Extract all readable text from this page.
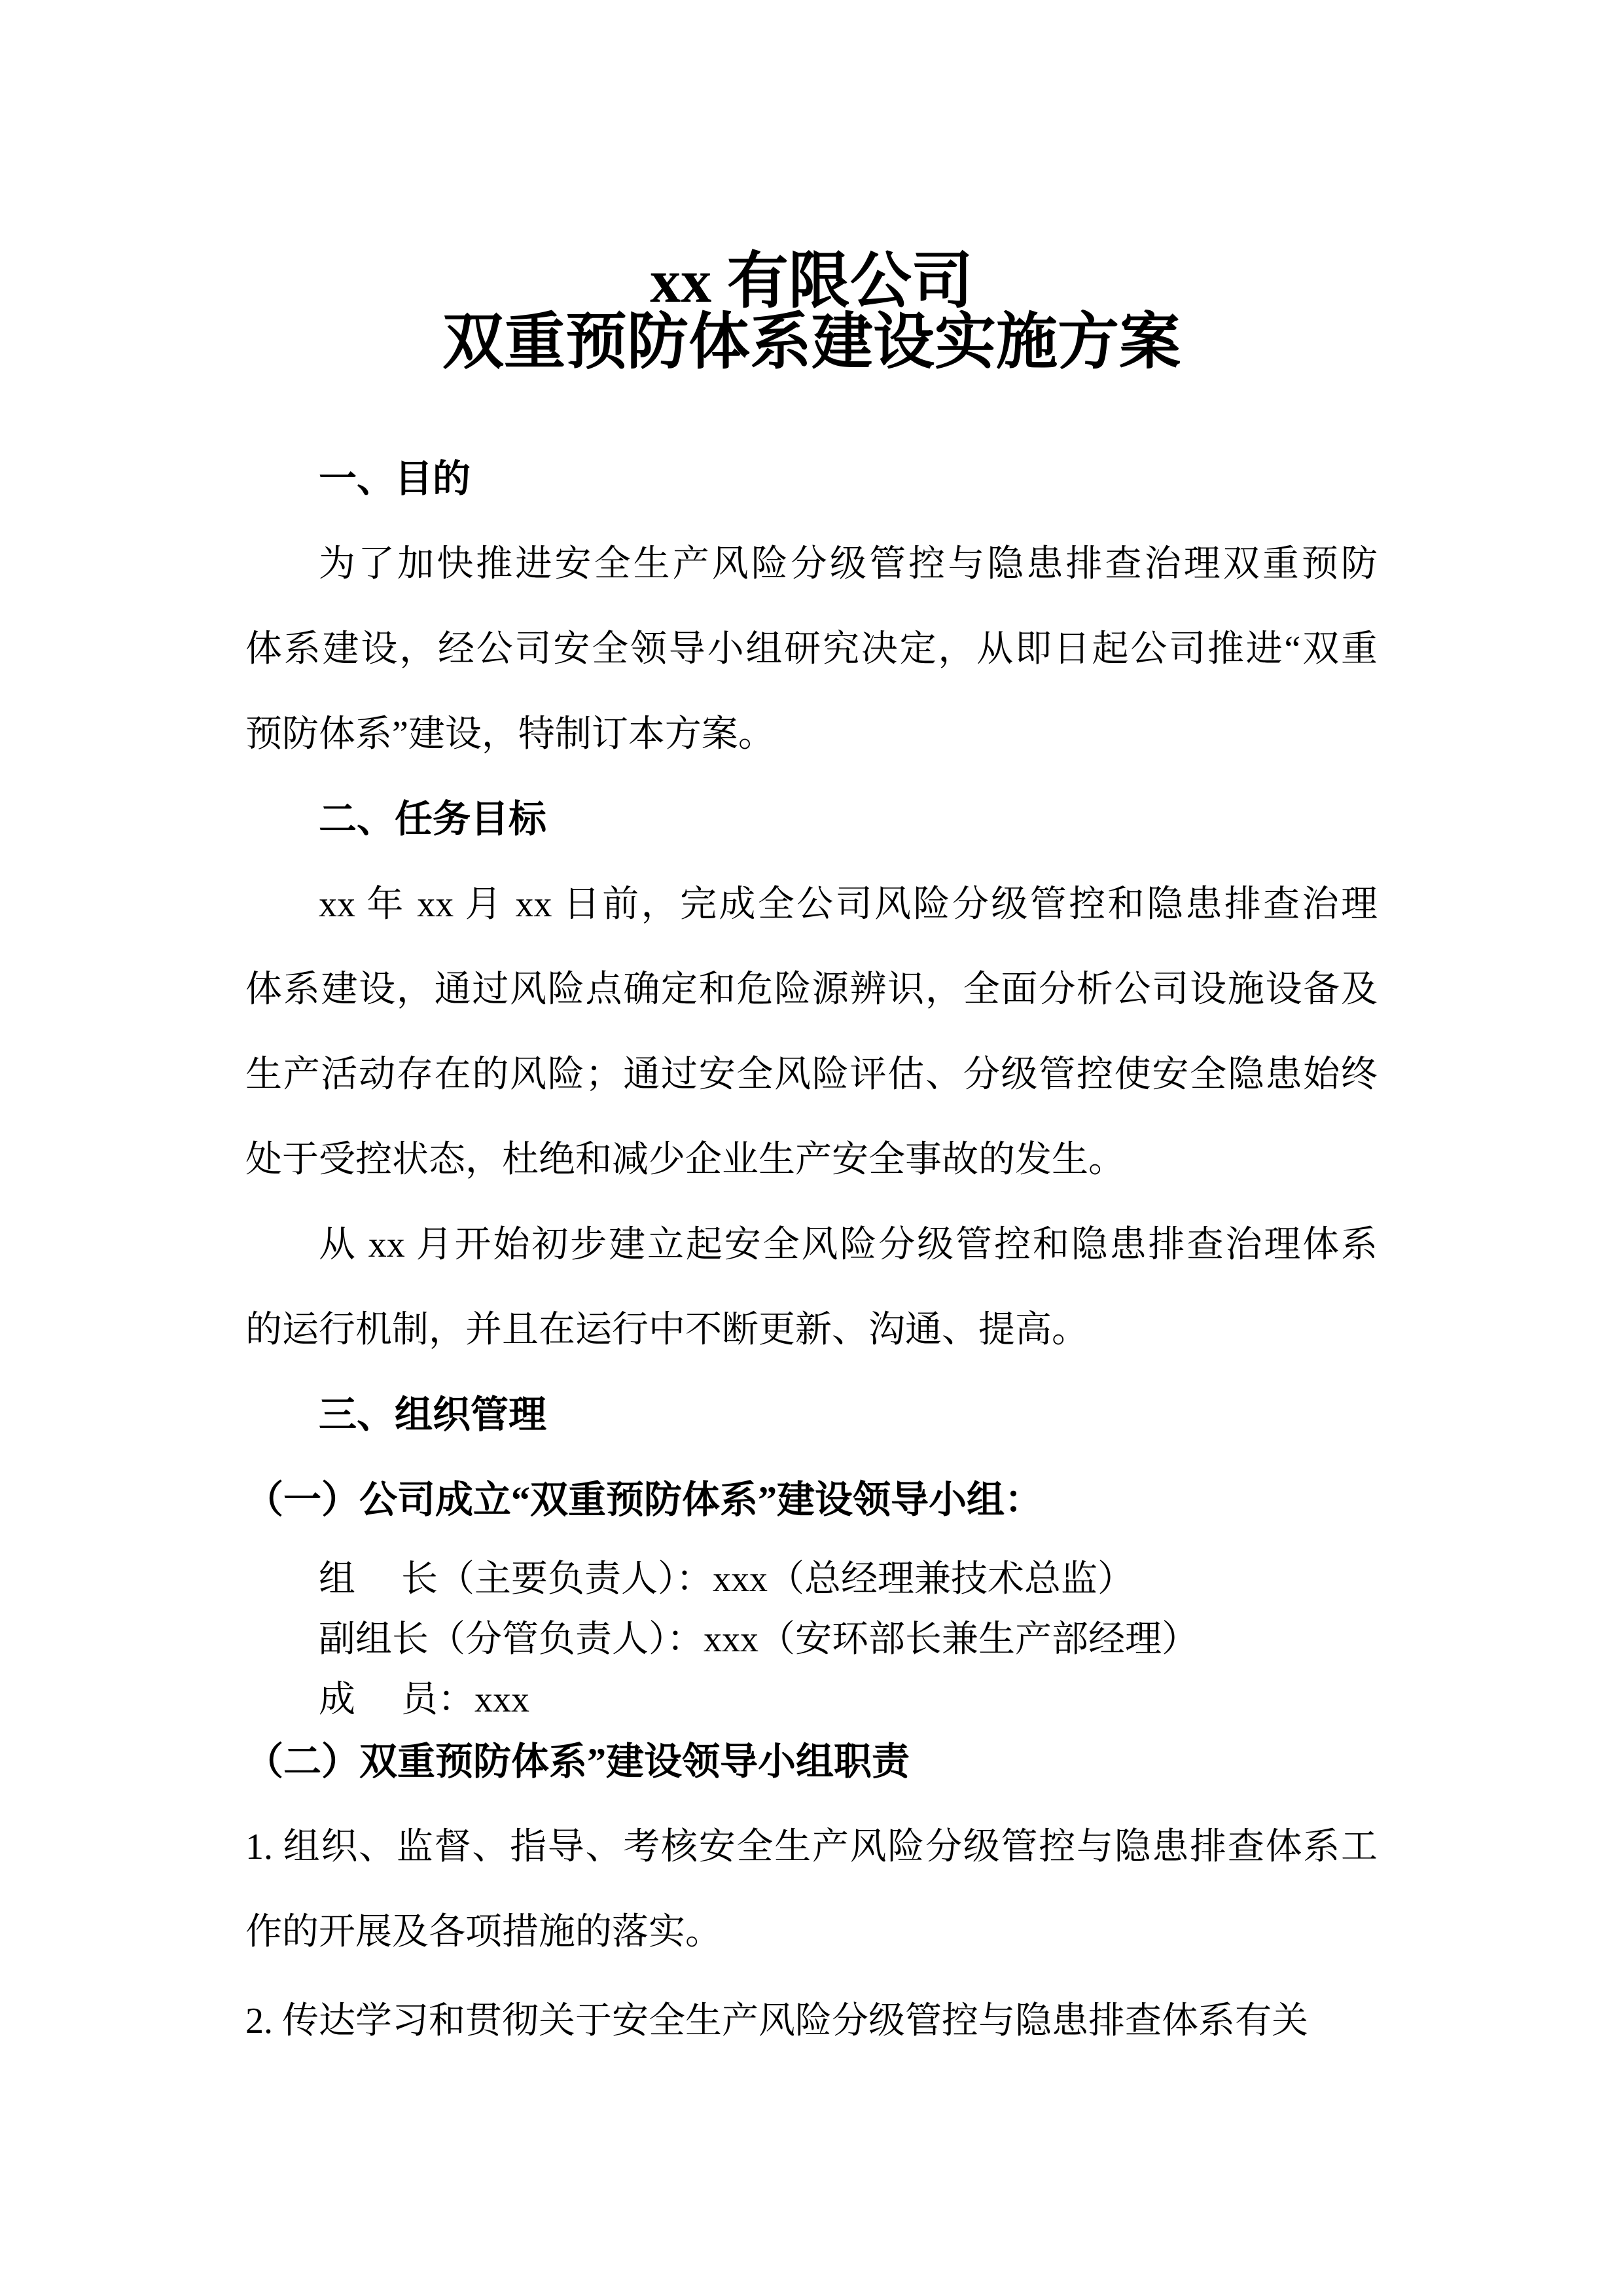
xx 有限公司
双重预防体系建设实施方案
一、目的
为了加快推进安全生产风险分级管控与隐患排查治理双重预防
体系建设，经公司安全领导小组研究决定，从即日起公司推进“双重
预防体系”建设，特制订本方案。
二、任务目标
xx 年 xx 月 xx 日前，完成全公司风险分级管控和隐患排查治理
体系建设，通过风险点确定和危险源辨识，全面分析公司设施设备及
生产活动存在的风险；通过安全风险评估、分级管控使安全隐患始终
处于受控状态，杜绝和减少企业生产安全事故的发生。
从 xx 月开始初步建立起安全风险分级管控和隐患排查治理体系
的运行机制，并且在运行中不断更新、沟通、提高。
三、组织管理
（一）公司成立“双重预防体系”建设领导小组：
组　 长（主要负责人）：xxx（总经理兼技术总监）
副组长（分管负责人）：xxx（安环部长兼生产部经理）
成　 员：xxx
（二）双重预防体系”建设领导小组职责
1. 组织、监督、指导、考核安全生产风险分级管控与隐患排查体系工
作的开展及各项措施的落实。
2. 传达学习和贯彻关于安全生产风险分级管控与隐患排查体系有关
